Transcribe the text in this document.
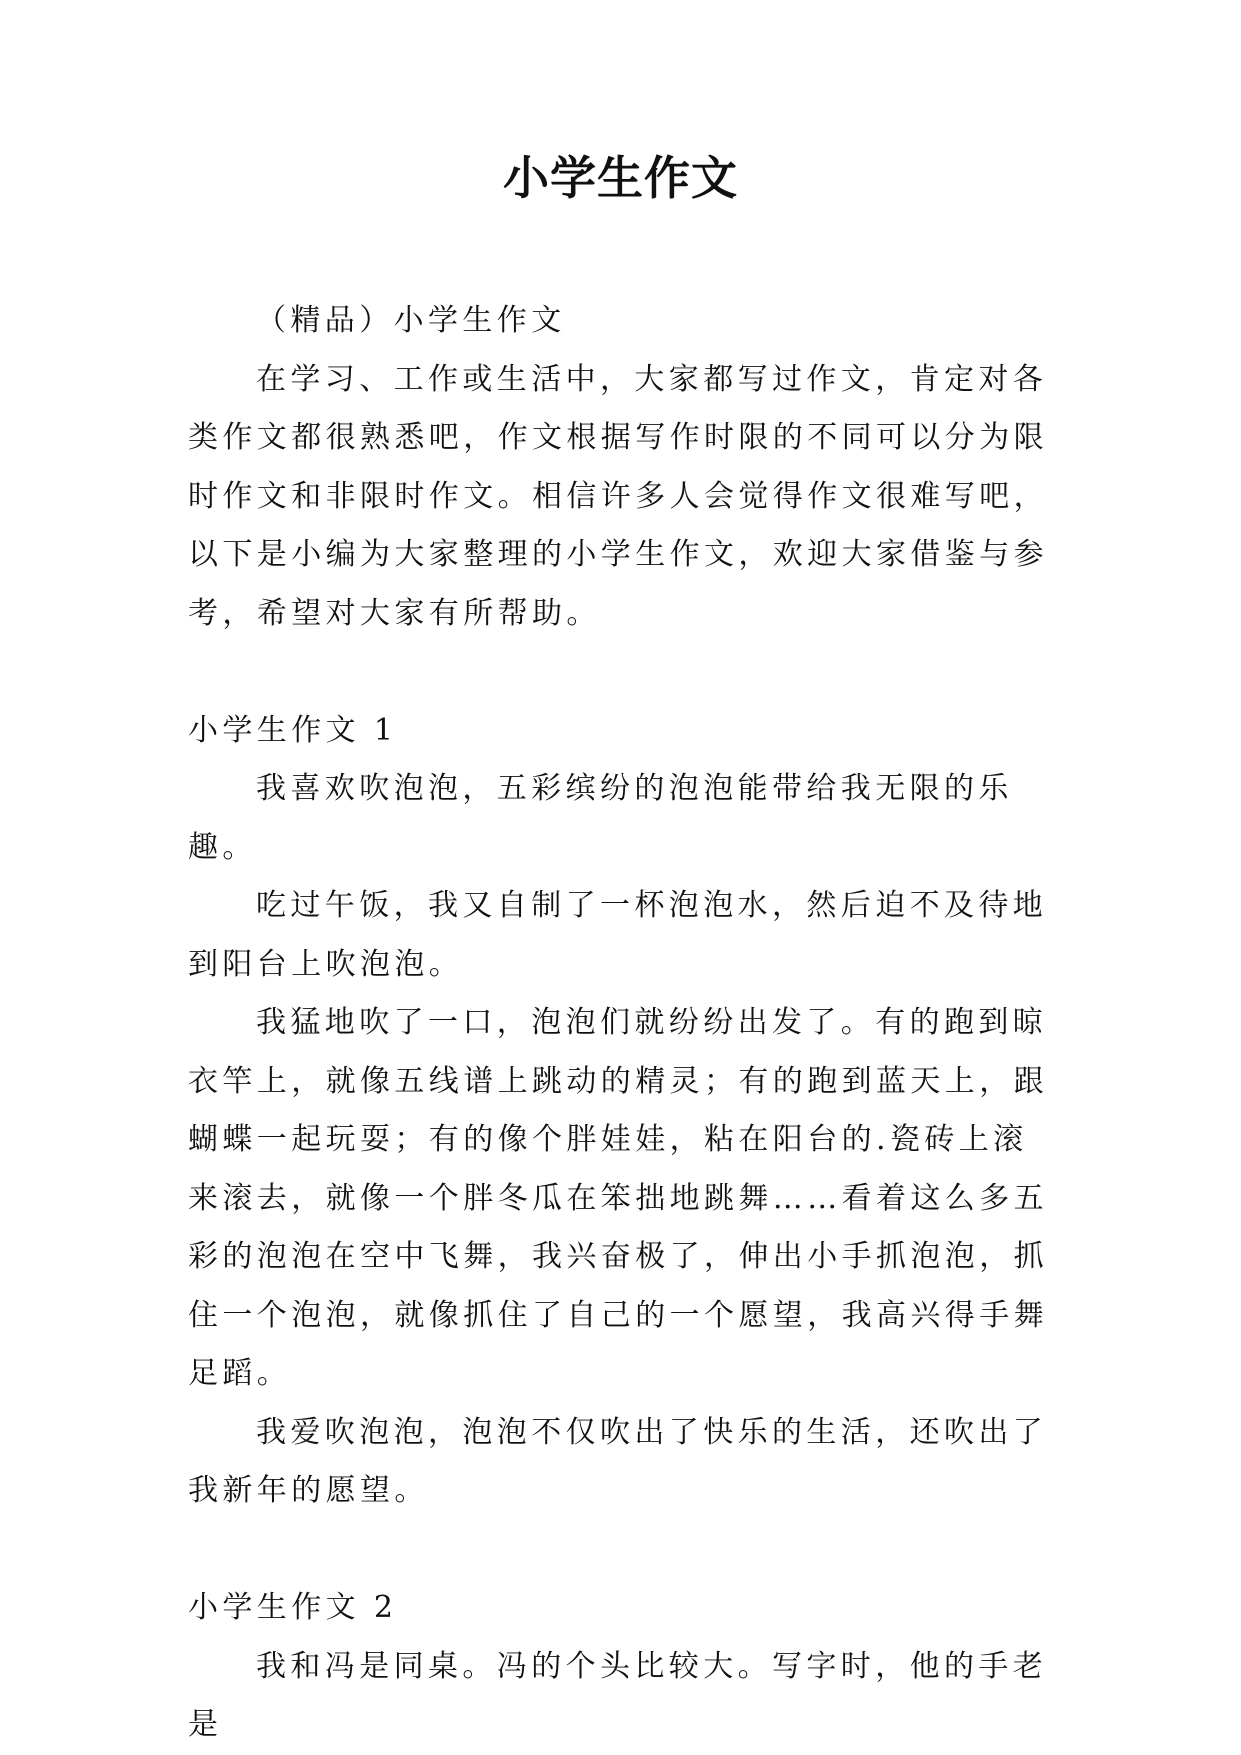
小学生作文

（精品）小学生作文

在学习、工作或生活中，大家都写过作文，肯定对各类作文都很熟悉吧，作文根据写作时限的不同可以分为限时作文和非限时作文。相信许多人会觉得作文很难写吧，以下是小编为大家整理的小学生作文，欢迎大家借鉴与参考，希望对大家有所帮助。

小学生作文 1

我喜欢吹泡泡，五彩缤纷的泡泡能带给我无限的乐趣。

吃过午饭，我又自制了一杯泡泡水，然后迫不及待地到阳台上吹泡泡。

我猛地吹了一口，泡泡们就纷纷出发了。有的跑到晾衣竿上，就像五线谱上跳动的精灵；有的跑到蓝天上，跟蝴蝶一起玩耍；有的像个胖娃娃，粘在阳台的.瓷砖上滚来滚去，就像一个胖冬瓜在笨拙地跳舞……看着这么多五彩的泡泡在空中飞舞，我兴奋极了，伸出小手抓泡泡，抓住一个泡泡，就像抓住了自己的一个愿望，我高兴得手舞足蹈。

我爱吹泡泡，泡泡不仅吹出了快乐的生活，还吹出了我新年的愿望。

小学生作文 2

我和冯是同桌。冯的个头比较大。写字时，他的手老是
